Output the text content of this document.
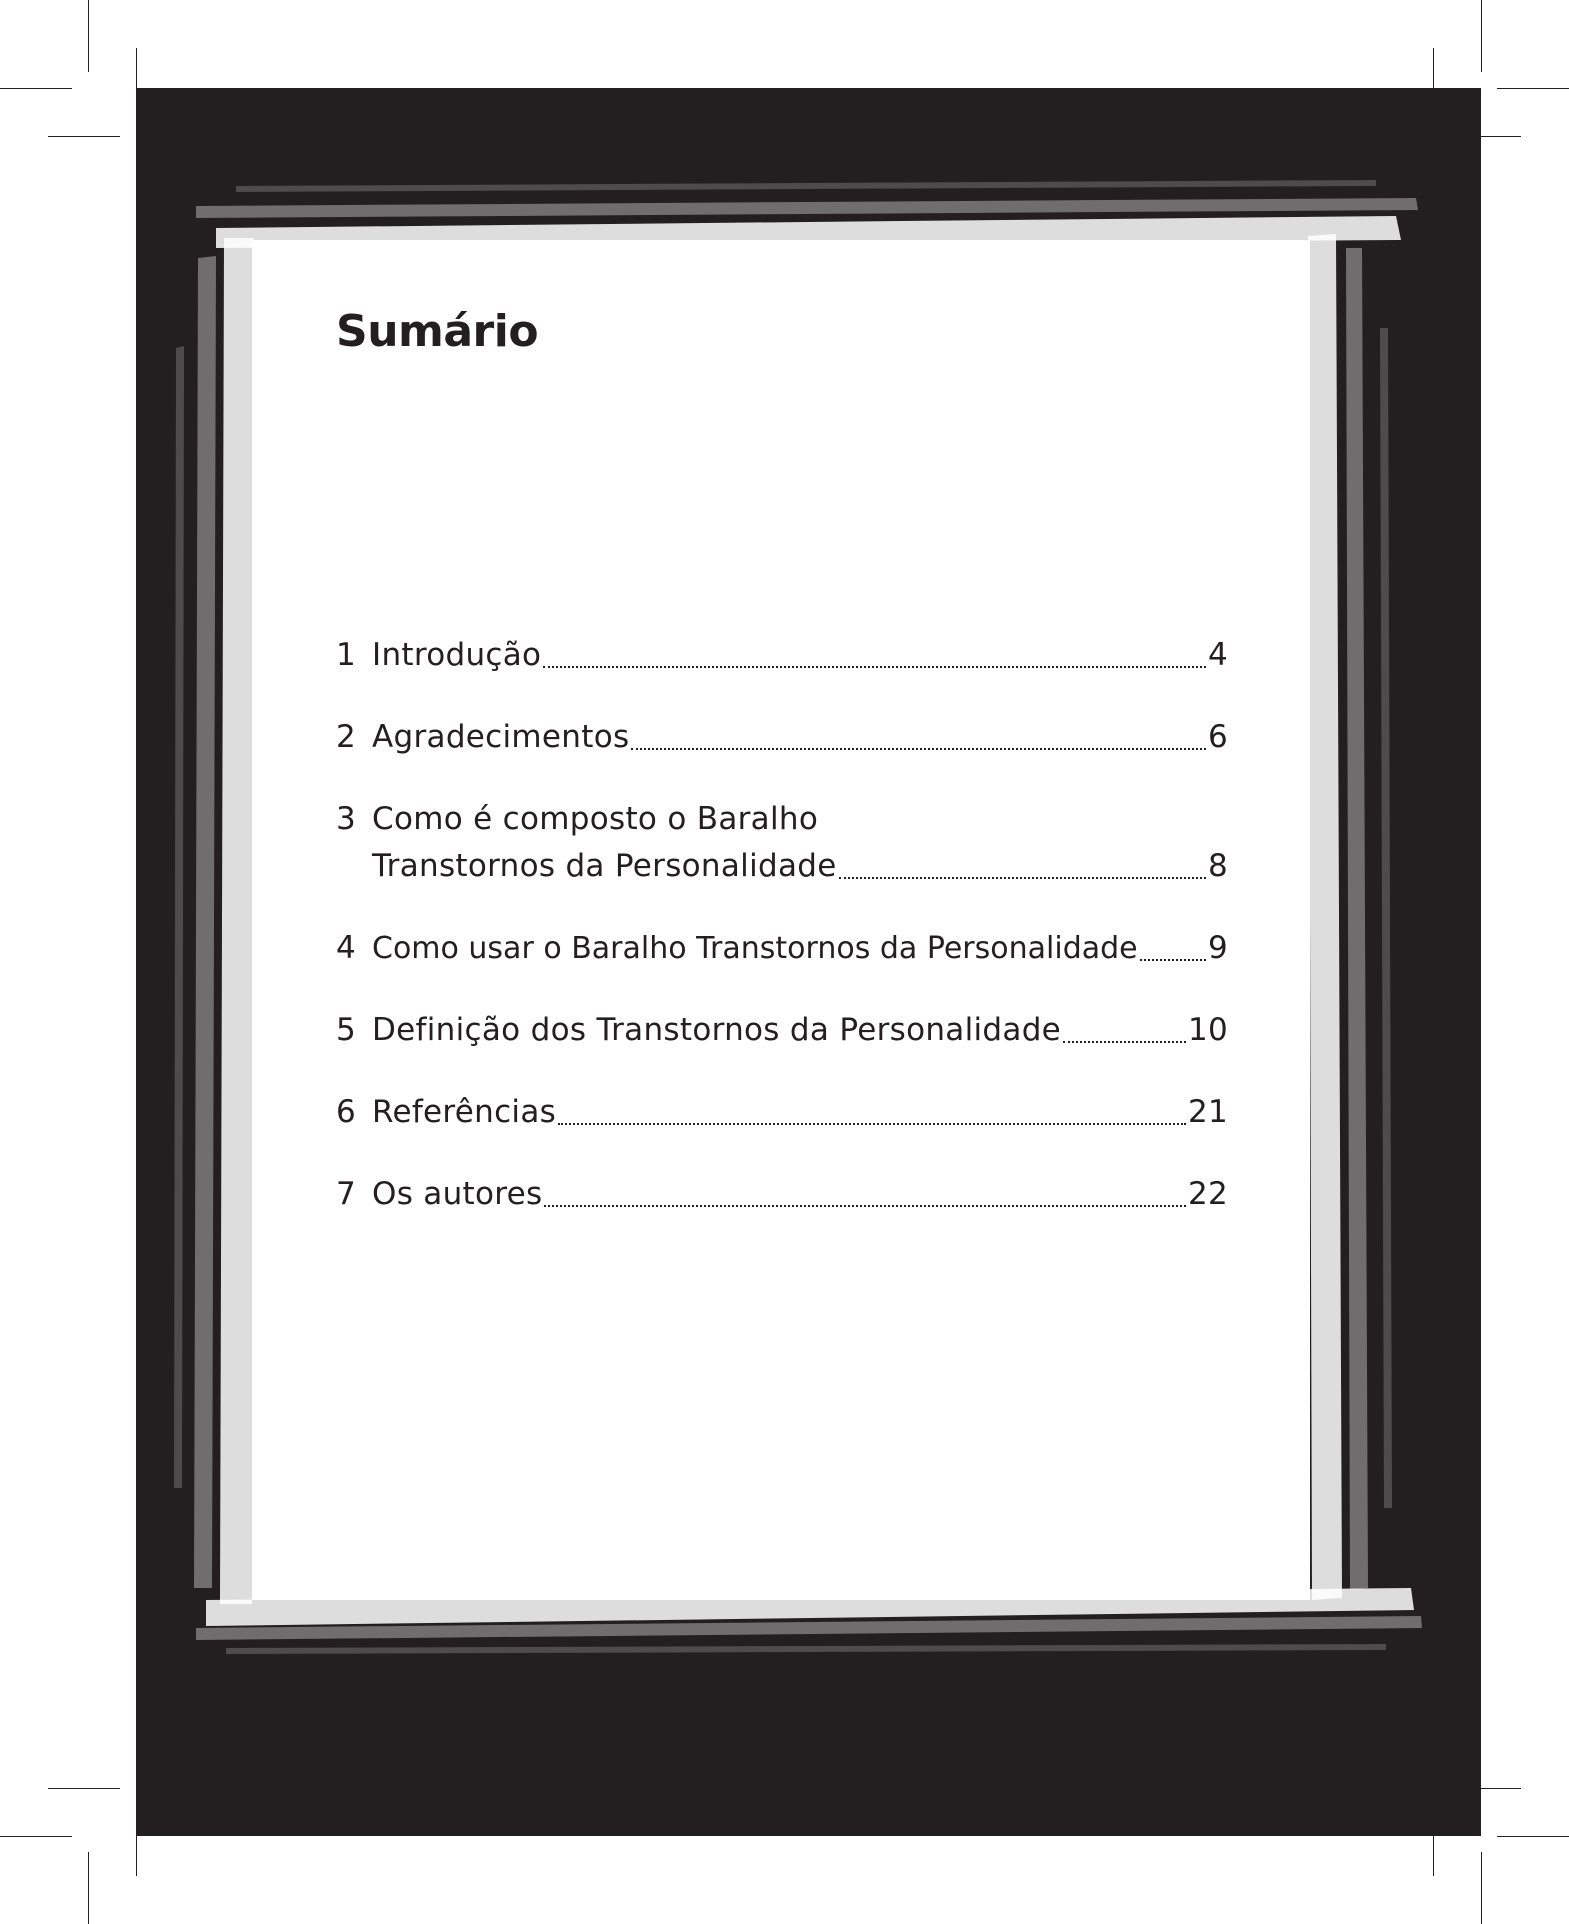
Sumário
1 Introdução	4
2 Agradecimentos	6
3 Como é composto o Baralho
Transtornos da Personalidade	8
4 Como usar o Baralho Transtornos da Personalidade 9
5 Definição dos Transtornos da Personalidade	10
6 Referências	21
7 Os autores	22
